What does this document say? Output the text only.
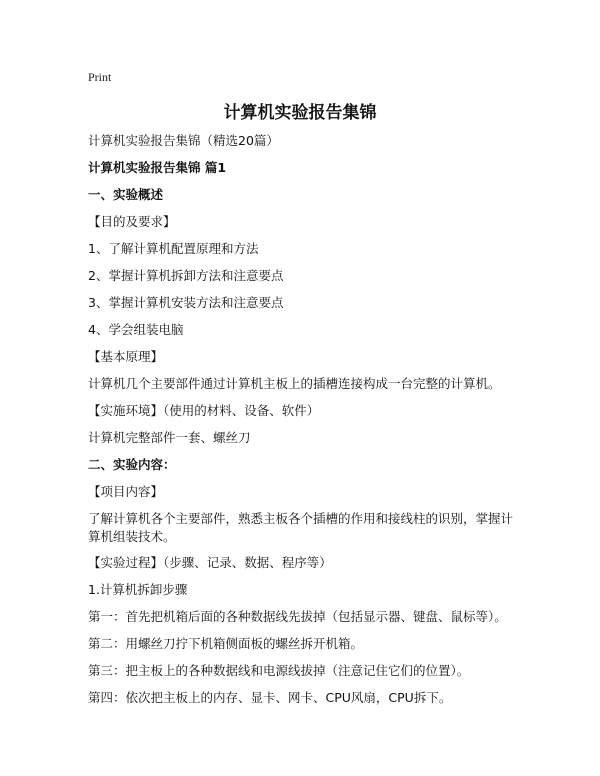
Print
计算机实验报告集锦

计算机实验报告集锦（精选20篇）

计算机实验报告集锦 篇1

一、实验概述

【目的及要求】

1、了解计算机配置原理和方法

2、掌握计算机拆卸方法和注意要点

3、掌握计算机安装方法和注意要点

4、学会组装电脑

【基本原理】

计算机几个主要部件通过计算机主板上的插槽连接构成一台完整的计算机。

【实施环境】（使用的材料、设备、软件）

计算机完整部件一套、螺丝刀

二、实验内容：

【项目内容】

了解计算机各个主要部件，熟悉主板各个插槽的作用和接线柱的识别，掌握计算机组装技术。

【实验过程】（步骤、记录、数据、程序等）

1.计算机拆卸步骤

第一：首先把机箱后面的各种数据线先拔掉（包括显示器、键盘、鼠标等）。

第二：用螺丝刀拧下机箱侧面板的螺丝拆开机箱。

第三：把主板上的各种数据线和电源线拔掉（注意记住它们的位置）。

第四：依次把主板上的内存、显卡、网卡、CPU风扇，CPU拆下。
